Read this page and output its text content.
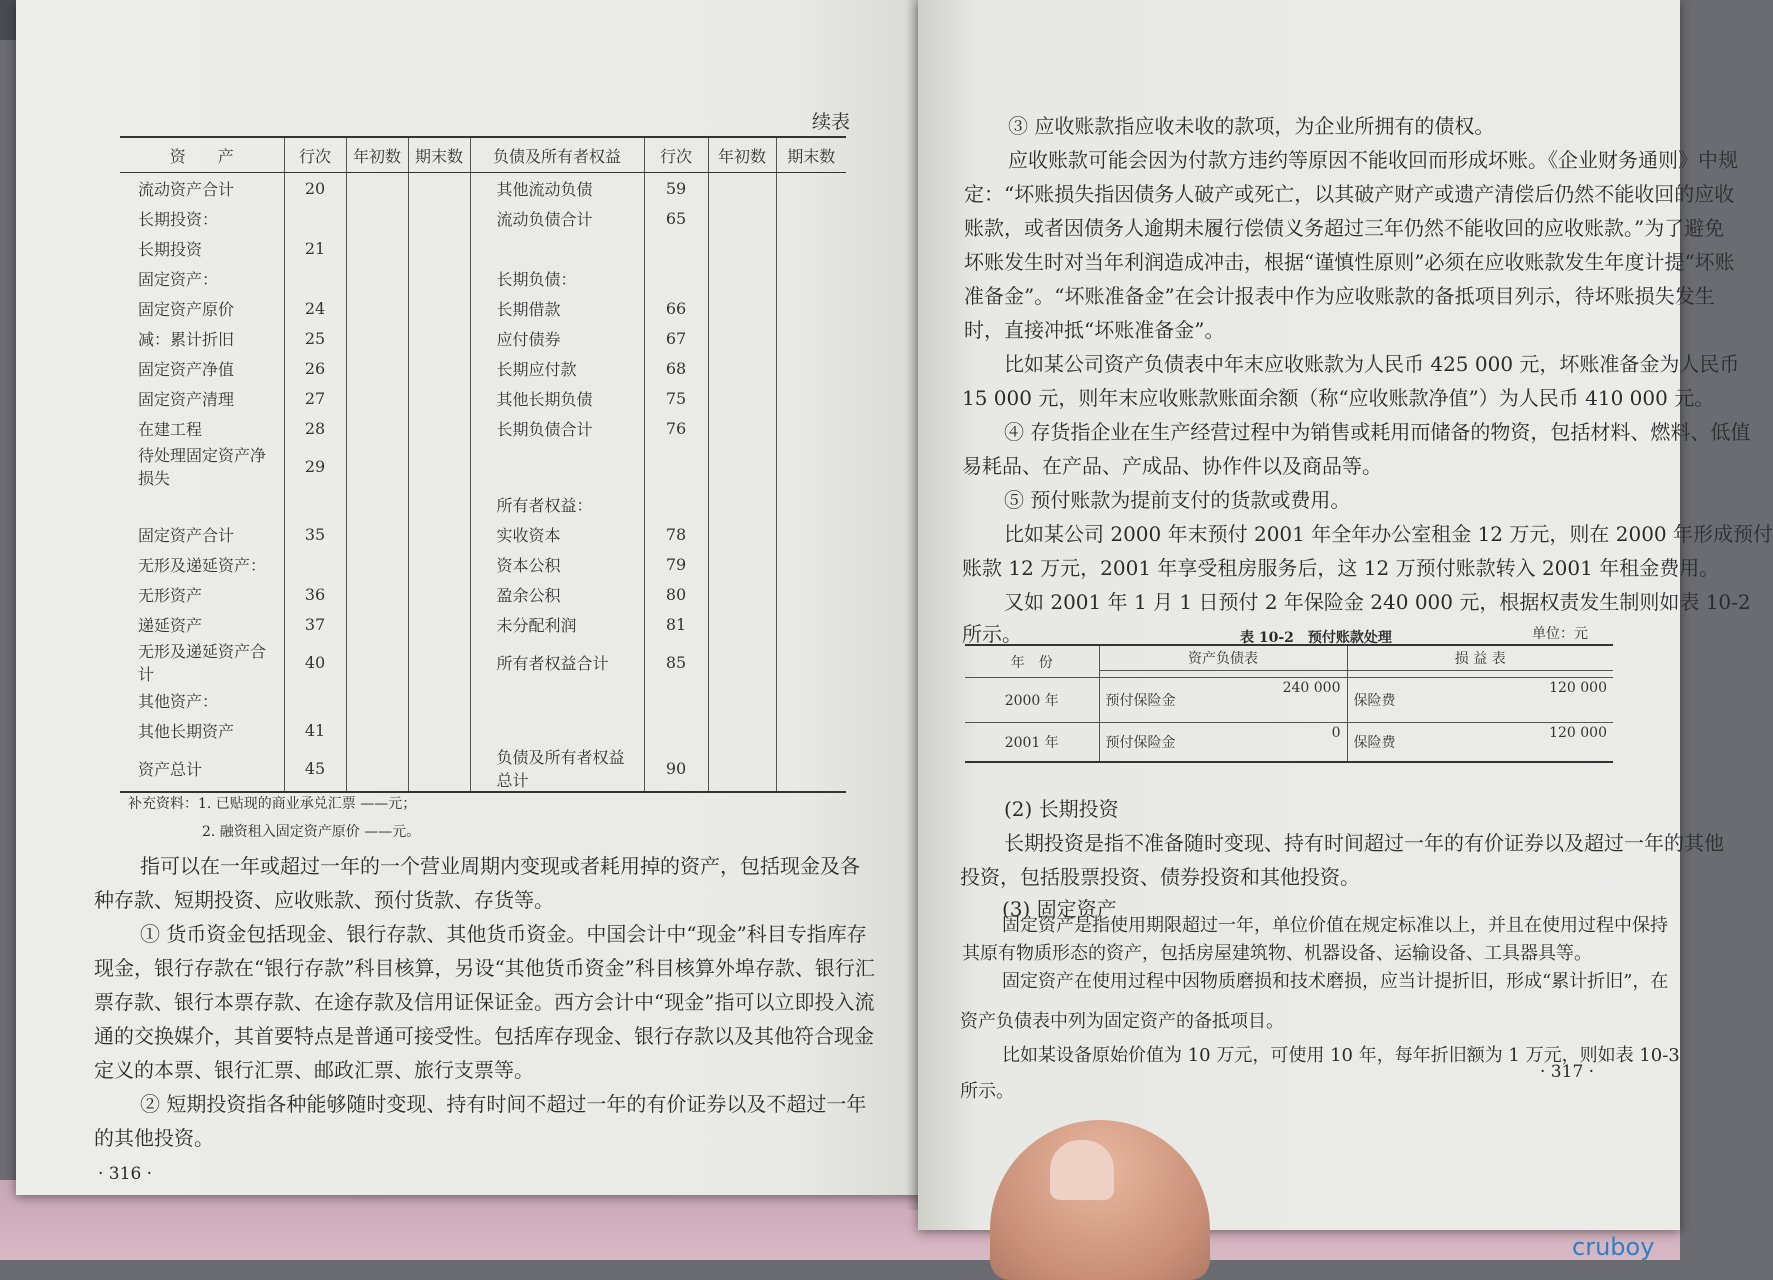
续表
资　　产	行次	年初数	期末数	负债及所有者权益	行次	年初数	期末数
流动资产合计	20			其他流动负债	59		
长期投资：				流动负债合计	65		
长期投资	21						
固定资产：				长期负债：			
固定资产原价	24			长期借款	66		
减：累计折旧	25			应付债券	67		
固定资产净值	26			长期应付款	68		
固定资产清理	27			其他长期负债	75		
在建工程	28			长期负债合计	76		
待处理固定资产净损失	29						
				所有者权益：			
固定资产合计	35			实收资本	78		
无形及递延资产：				资本公积	79		
无形资产	36			盈余公积	80		
递延资产	37			未分配利润	81		
无形及递延资产合计	40			所有者权益合计	85		
其他资产：							
其他长期资产	41						
资产总计	45			负债及所有者权益总计	90		
补充资料：1. 已贴现的商业承兑汇票 ——元；
2. 融资租入固定资产原价 ——元。
指可以在一年或超过一年的一个营业周期内变现或者耗用掉的资产，包括现金及各
种存款、短期投资、应收账款、预付货款、存货等。
① 货币资金包括现金、银行存款、其他货币资金。中国会计中“现金”科目专指库存
现金，银行存款在“银行存款”科目核算，另设“其他货币资金”科目核算外埠存款、银行汇
票存款、银行本票存款、在途存款及信用证保证金。西方会计中“现金”指可以立即投入流
通的交换媒介，其首要特点是普通可接受性。包括库存现金、银行存款以及其他符合现金
定义的本票、银行汇票、邮政汇票、旅行支票等。
② 短期投资指各种能够随时变现、持有时间不超过一年的有价证券以及不超过一年
的其他投资。
· 316 ·
③ 应收账款指应收未收的款项，为企业所拥有的债权。
应收账款可能会因为付款方违约等原因不能收回而形成坏账。《企业财务通则》中规
定：“坏账损失指因债务人破产或死亡，以其破产财产或遗产清偿后仍然不能收回的应收
账款，或者因债务人逾期未履行偿债义务超过三年仍然不能收回的应收账款。”为了避免
坏账发生时对当年利润造成冲击，根据“谨慎性原则”必须在应收账款发生年度计提“坏账
准备金”。“坏账准备金”在会计报表中作为应收账款的备抵项目列示，待坏账损失发生
时，直接冲抵“坏账准备金”。
比如某公司资产负债表中年末应收账款为人民币 425 000 元，坏账准备金为人民币
15 000 元，则年末应收账款账面余额（称“应收账款净值”）为人民币 410 000 元。
④ 存货指企业在生产经营过程中为销售或耗用而储备的物资，包括材料、燃料、低值
易耗品、在产品、产成品、协作件以及商品等。
⑤ 预付账款为提前支付的货款或费用。
比如某公司 2000 年末预付 2001 年全年办公室租金 12 万元，则在 2000 年形成预付
账款 12 万元，2001 年享受租房服务后，这 12 万预付账款转入 2001 年租金费用。
又如 2001 年 1 月 1 日预付 2 年保险金 240 000 元，根据权责发生制则如表 10-2
所示。	单位：元
表 10-2　预付账款处理
年　份	资产负债表		损 益 表	

2000 年	预付保险金	240 000	保险费	120 000
2001 年	预付保险金	0	保险费	120 000
(2) 长期投资
长期投资是指不准备随时变现、持有时间超过一年的有价证券以及超过一年的其他
投资，包括股票投资、债券投资和其他投资。
(3) 固定资产
固定资产是指使用期限超过一年，单位价值在规定标准以上，并且在使用过程中保持
其原有物质形态的资产，包括房屋建筑物、机器设备、运输设备、工具器具等。
固定资产在使用过程中因物质磨损和技术磨损，应当计提折旧，形成“累计折旧”，在
资产负债表中列为固定资产的备抵项目。
比如某设备原始价值为 10 万元，可使用 10 年，每年折旧额为 1 万元，则如表 10-3
所示。
· 317 ·
cruboy
